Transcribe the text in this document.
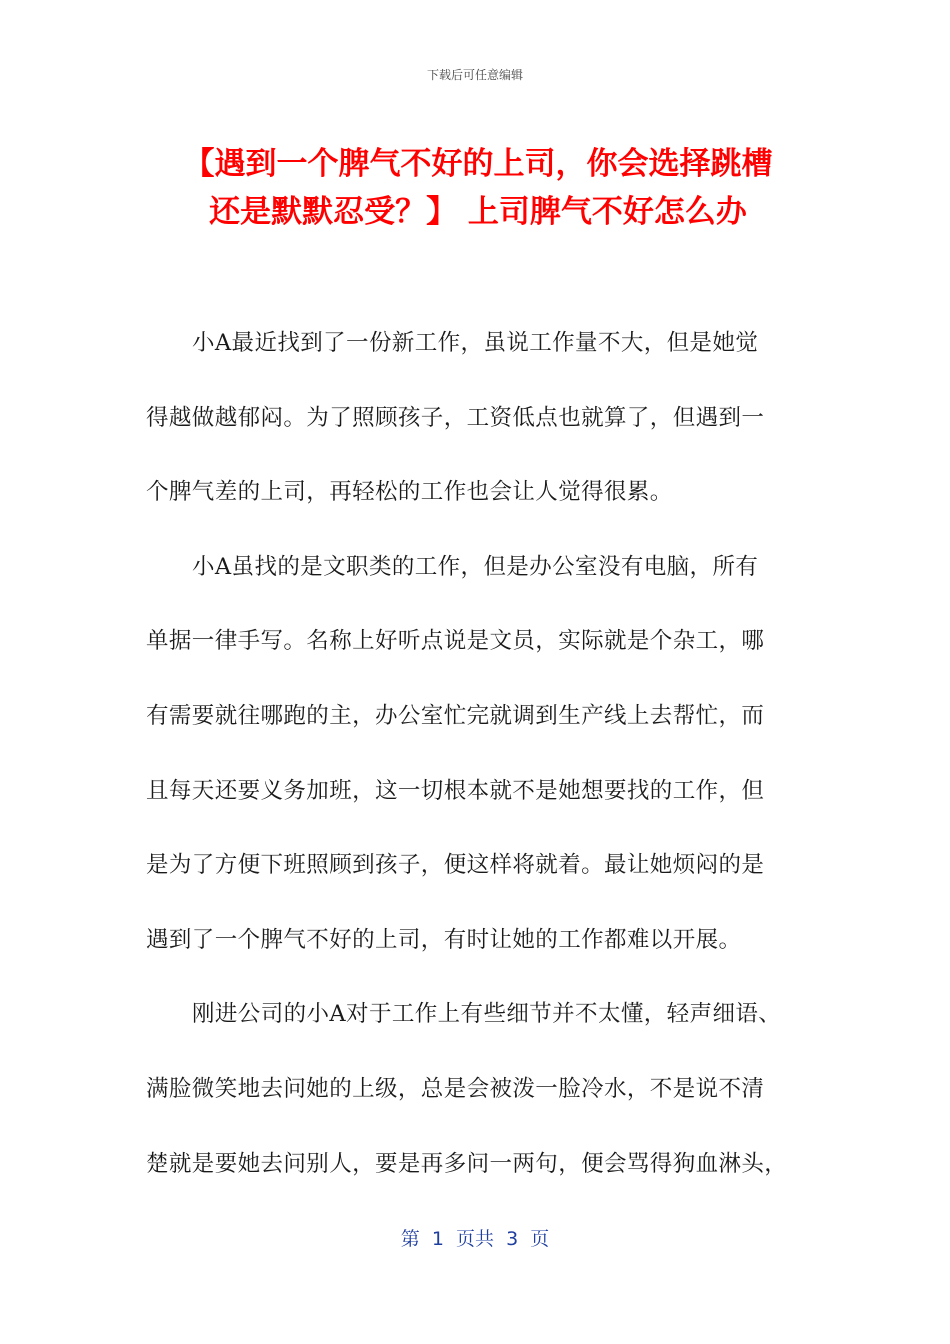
下载后可任意编辑
【遇到一个脾气不好的上司，你会选择跳槽
还是默默忍受？】 上司脾气不好怎么办
小A最近找到了一份新工作，虽说工作量不大，但是她觉
得越做越郁闷。为了照顾孩子，工资低点也就算了，但遇到一
个脾气差的上司，再轻松的工作也会让人觉得很累。
小A虽找的是文职类的工作，但是办公室没有电脑，所有
单据一律手写。名称上好听点说是文员，实际就是个杂工，哪
有需要就往哪跑的主，办公室忙完就调到生产线上去帮忙，而
且每天还要义务加班，这一切根本就不是她想要找的工作，但
是为了方便下班照顾到孩子，便这样将就着。最让她烦闷的是
遇到了一个脾气不好的上司，有时让她的工作都难以开展。
刚进公司的小A对于工作上有些细节并不太懂，轻声细语、
满脸微笑地去问她的上级，总是会被泼一脸冷水，不是说不清
楚就是要她去问别人，要是再多问一两句，便会骂得狗血淋头，
第  1  页共  3  页
